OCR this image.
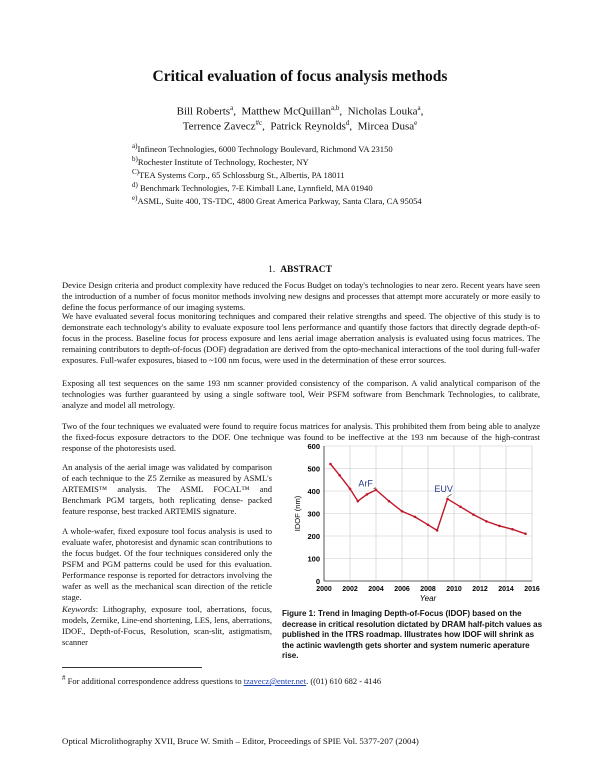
Critical evaluation of focus analysis methods
Bill Roberts$^a$,  Matthew McQuillan$^{a,b}$,  Nicholas Louka$^a$,
Terrence Zavecz$^{\#c}$,  Patrick Reynolds$^d$,  Mircea Dusa$^e$
$^{a)}$Infineon Technologies, 6000 Technology Boulevard, Richmond VA 23150
$^{b)}$Rochester Institute of Technology, Rochester, NY
$^{C)}$TEA Systems Corp., 65 Schlossburg St., Albertis, PA 18011
$^{d)}$ Benchmark Technologies, 7-E Kimball Lane, Lynnfield, MA 01940
$^{e)}$ASML, Suite 400, TS-TDC, 4800 Great America Parkway, Santa Clara, CA 95054
1. ABSTRACT

Device Design criteria and product complexity have reduced the Focus Budget on today's technologies to near zero. Recent years have seen the introduction of a number of focus monitor methods involving new designs and processes that attempt more accurately or more easily to define the focus performance of our imaging systems.

We have evaluated several focus monitoring techniques and compared their relative strengths and speed. The objective of this study is to demonstrate each technology's ability to evaluate exposure tool lens performance and quantify those factors that directly degrade depth-of-focus in the process. Baseline focus for process exposure and lens aerial image aberration analysis is evaluated using focus matrices. The remaining contributors to depth-of-focus (DOF) degradation are derived from the opto-mechanical interactions of the tool during full-wafer exposures. Full-wafer exposures, biased to ~100 nm focus, were used in the determination of these error sources.

Exposing all test sequences on the same 193 nm scanner provided consistency of the comparison. A valid analytical comparison of the technologies was further guaranteed by using a single software tool, Weir PSFM software from Benchmark Technologies, to calibrate, analyze and model all metrology.

Two of the four techniques we evaluated were found to require focus matrices for analysis. This prohibited them from being able to analyze the fixed-focus exposure detractors to the DOF. One technique was found to be ineffective at the 193 nm because of the high-contrast response of the photoresists used.

An analysis of the aerial image was validated by comparison of each technique to the Z5 Zernike as measured by ASML's ARTEMIS™ analysis. The ASML FOCAL™ and Benchmark PGM targets, both replicating dense- packed feature response, best tracked ARTEMIS signature.

A whole-wafer, fixed exposure tool focus analysis is used to evaluate wafer, photoresist and dynamic scan contributions to the focus budget. Of the four techniques considered only the PSFM and PGM patterns could be used for this evaluation. Performance response is reported for detractors involving the wafer as well as the mechanical scan direction of the reticle stage.

Keywords: Lithography, exposure tool, aberrations, focus, models, Zernike, Line-end shortening, LES, lens, aberrations, IDOF., Depth-of-Focus, Resolution, scan-slit, astigmatism, scanner

0
100
200
300
400
500
600
2000 2002 2004 2006 2008 2010 2012 2014 2016
IDOF (nm)
Year
ArF
EUV

Figure 1: Trend in Imaging Depth-of-Focus (IDOF) based on the decrease in critical resolution dictated by DRAM half-pitch values as published in the ITRS roadmap. Illustrates how IDOF will shrink as the actinic wavlength gets shorter and system numeric aperature rise.

# For additional correspondence address questions to tzavecz@enter.net. ((01) 610 682 - 4146
Optical Microlithography XVII, Bruce W. Smith – Editor, Proceedings of SPIE Vol. 5377-207 (2004)
